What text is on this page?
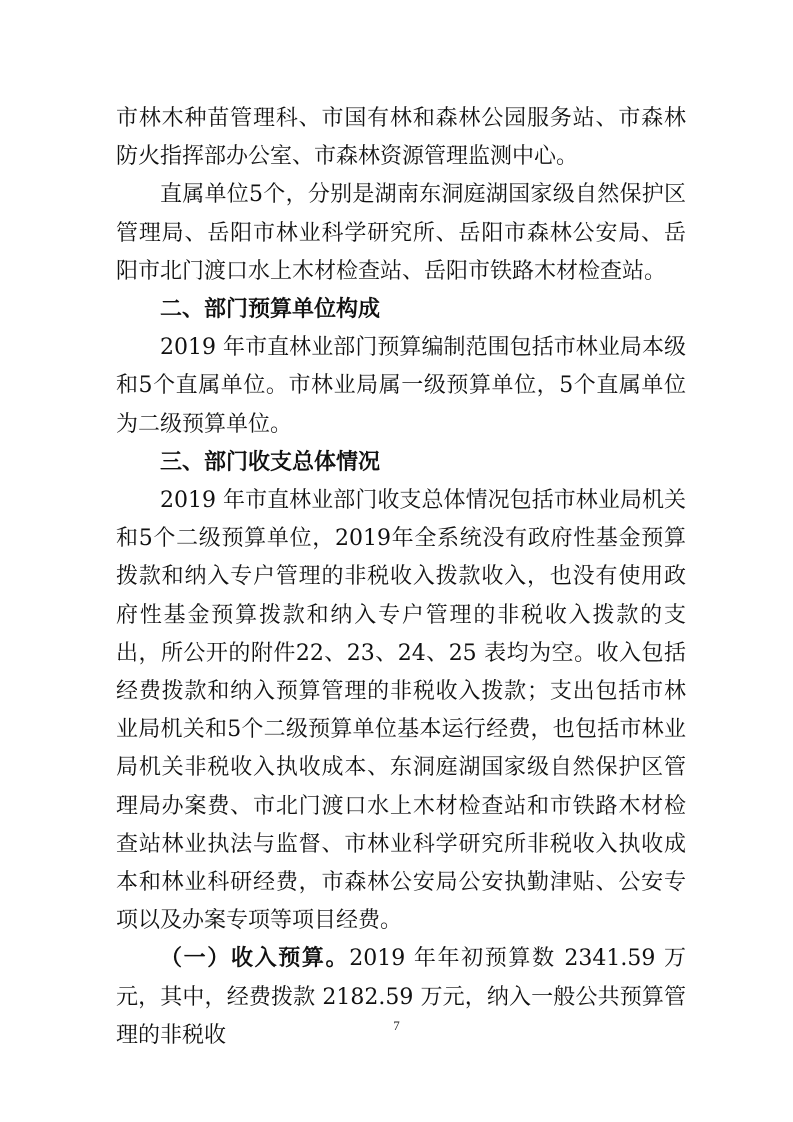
市林木种苗管理科、市国有林和森林公园服务站、市森林防火指挥部办公室、市森林资源管理监测中心。

直属单位5个，分别是湖南东洞庭湖国家级自然保护区管理局、岳阳市林业科学研究所、岳阳市森林公安局、岳阳市北门渡口水上木材检查站、岳阳市铁路木材检查站。

二、部门预算单位构成

2019 年市直林业部门预算编制范围包括市林业局本级和5个直属单位。市林业局属一级预算单位，5个直属单位为二级预算单位。

三、部门收支总体情况

2019 年市直林业部门收支总体情况包括市林业局机关和5个二级预算单位，2019年全系统没有政府性基金预算拨款和纳入专户管理的非税收入拨款收入，也没有使用政府性基金预算拨款和纳入专户管理的非税收入拨款的支出，所公开的附件22、23、24、25 表均为空。收入包括经费拨款和纳入预算管理的非税收入拨款；支出包括市林业局机关和5个二级预算单位基本运行经费，也包括市林业局机关非税收入执收成本、东洞庭湖国家级自然保护区管理局办案费、市北门渡口水上木材检查站和市铁路木材检查站林业执法与监督、市林业科学研究所非税收入执收成本和林业科研经费，市森林公安局公安执勤津贴、公安专项以及办案专项等项目经费。

（一）收入预算。2019 年年初预算数 2341.59 万元，其中，经费拨款 2182.59 万元，纳入一般公共预算管理的非税收	7
